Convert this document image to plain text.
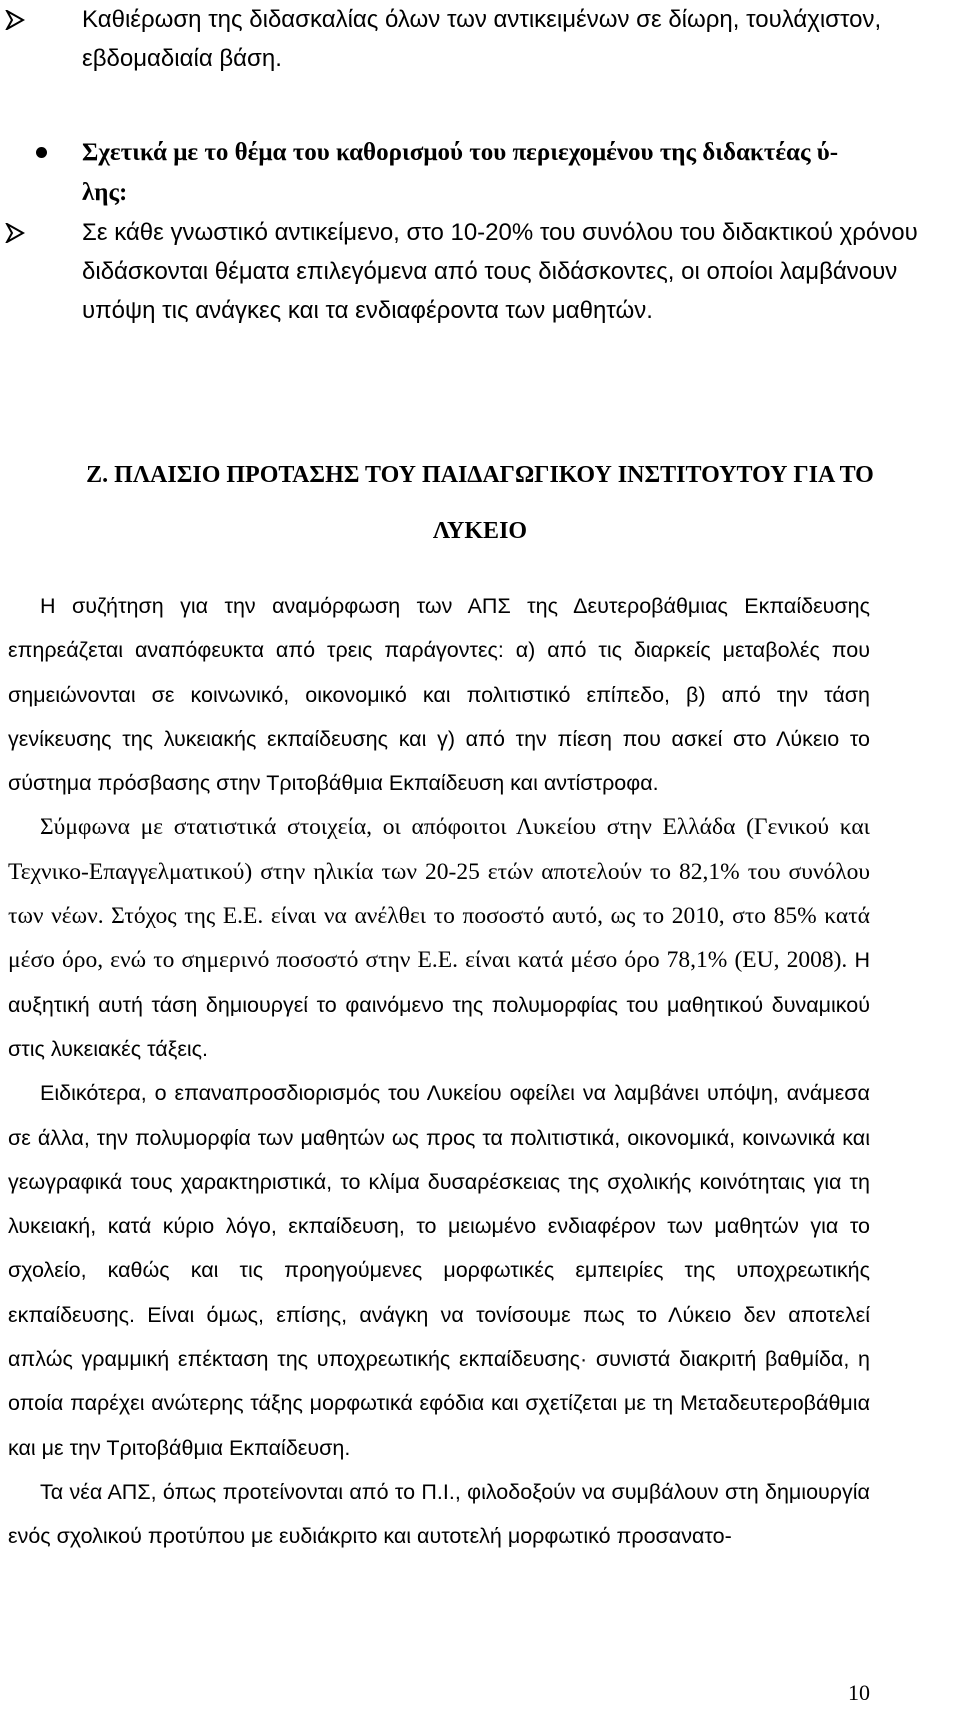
Καθιέρωση της διδασκαλίας όλων των αντικειμένων σε δίωρη, τουλάχιστον, εβδομαδιαία βάση.
Σχετικά με το θέμα του καθορισμού του περιεχομένου της διδακτέας ύ-λης:
Σε κάθε γνωστικό αντικείμενο, στο 10-20% του συνόλου του διδακτικού χρόνου διδάσκονται θέματα επιλεγόμενα από τους διδάσκοντες, οι οποίοι λαμβάνουν υπόψη τις ανάγκες και τα ενδιαφέροντα των μαθητών.
Ζ. ΠΛΑΙΣΙΟ ΠΡΟΤΑΣΗΣ ΤΟΥ ΠΑΙΔΑΓΩΓΙΚΟΥ ΙΝΣΤΙΤΟΥΤΟΥ ΓΙΑ ΤΟ
ΛΥΚΕΙΟ

Η συζήτηση για την αναμόρφωση των ΑΠΣ της Δευτεροβάθμιας Εκπαίδευσης επηρεάζεται αναπόφευκτα από τρεις παράγοντες: α) από τις διαρκείς μεταβολές που σημειώνονται σε κοινωνικό, οικονομικό και πολιτιστικό επίπεδο, β) από την τάση γενίκευσης της λυκειακής εκπαίδευσης και γ) από την πίεση που ασκεί στο Λύκειο το σύστημα πρόσβασης στην Τριτοβάθμια Εκπαίδευση και αντίστροφα.

Σύμφωνα με στατιστικά στοιχεία, οι απόφοιτοι Λυκείου στην Ελλάδα (Γενικού και Τεχνικο-Επαγγελματικού) στην ηλικία των 20-25 ετών αποτελούν το 82,1% του συνόλου των νέων. Στόχος της Ε.Ε. είναι να ανέλθει το ποσοστό αυτό, ως το 2010, στο 85% κατά μέσο όρο, ενώ το σημερινό ποσοστό στην Ε.Ε. είναι κατά μέσο όρο 78,1% (EU, 2008). Η αυξητική αυτή τάση δημιουργεί το φαινόμενο της πολυμορφίας του μαθητικού δυναμικού στις λυκειακές τάξεις.

Ειδικότερα, ο επαναπροσδιορισμός του Λυκείου οφείλει να λαμβάνει υπόψη, ανάμεσα σε άλλα, την πολυμορφία των μαθητών ως προς τα πολιτιστικά, οικονομικά, κοινωνικά και γεωγραφικά τους χαρακτηριστικά, το κλίμα δυσαρέσκειας της σχολικής κοινότηταις για τη λυκειακή, κατά κύριο λόγο, εκπαίδευση, το μειωμένο ενδιαφέρον των μαθητών για το σχολείο, καθώς και τις προηγούμενες μορφωτικές εμπειρίες της υποχρεωτικής εκπαίδευσης. Είναι όμως, επίσης, ανάγκη να τονίσουμε πως το Λύκειο δεν αποτελεί απλώς γραμμική επέκταση της υποχρεωτικής εκπαίδευσης· συνιστά διακριτή βαθμίδα, η οποία παρέχει ανώτερης τάξης μορφωτικά εφόδια και σχετίζεται με τη Μεταδευτεροβάθμια και με την Τριτοβάθμια Εκπαίδευση.

Τα νέα ΑΠΣ, όπως προτείνονται από το Π.Ι., φιλοδοξούν να συμβάλουν στη δημιουργία ενός σχολικού προτύπου με ευδιάκριτο και αυτοτελή μορφωτικό προσανατο-

10
